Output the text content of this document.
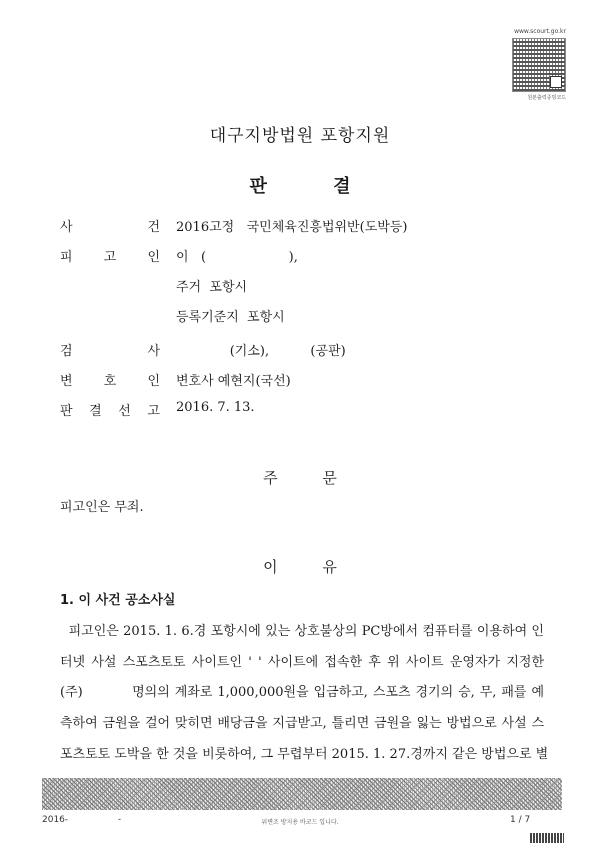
www.scourt.go.kr
원본출력증빙코드
대구지방법원 포항지원
판 결
사	건 2016고정   국민체육진흥법위반(도박등)
피 고 인 이   (                    ),
주거  포항시
등록기준지  포항시
검	사 (기소),          (공판)
변 호 인 변호사 예현지(국선)
판 결 선 고 2016. 7. 13.
주 문
피고인은 무죄.
이 유
1. 이 사건 공소사실
피고인은 2015. 1. 6.경 포항시에 있는 상호불상의 PC방에서 컴퓨터를 이용하여 인
터넷 사설 스포츠토토 사이트인 ' ' 사이트에 접속한 후 위 사이트 운영자가 지정한
(주)          명의의 계좌로 1,000,000원을 입금하고, 스포츠 경기의 승, 무, 패를 예
측하여 금원을 걸어 맞히면 배당금을 지급받고, 틀리면 금원을 잃는 방법으로 사설 스
포츠토토 도박을 한 것을 비롯하여, 그 무렵부터 2015. 1. 27.경까지 같은 방법으로 별
2016-	-	위변조 방지용 바코드 입니다.	1 / 7
